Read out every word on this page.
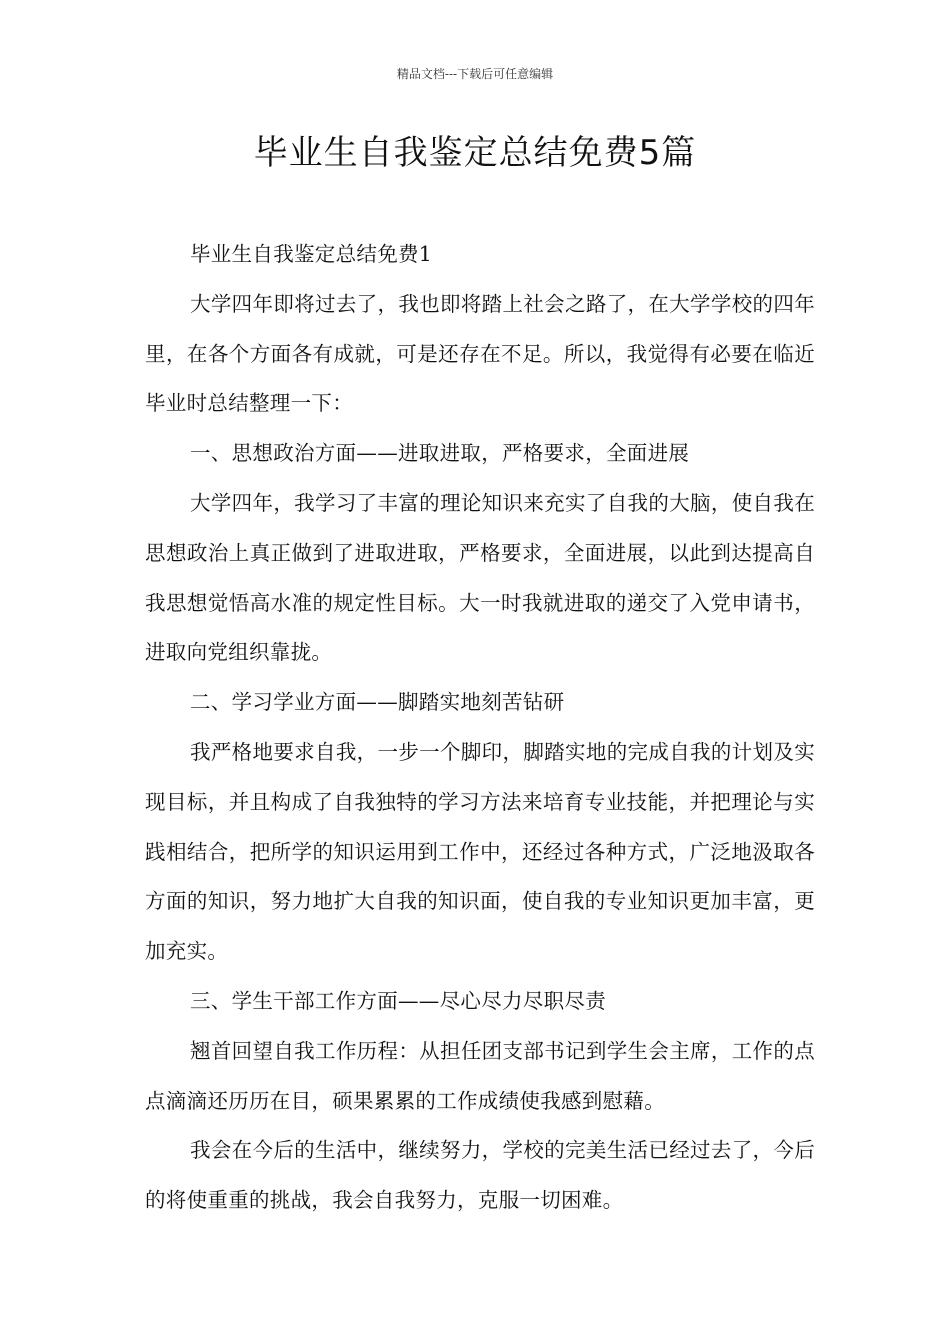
精品文档---下载后可任意编辑
毕业生自我鉴定总结免费5篇

毕业生自我鉴定总结免费1

大学四年即将过去了，我也即将踏上社会之路了，在大学学校的四年里，在各个方面各有成就，可是还存在不足。所以，我觉得有必要在临近毕业时总结整理一下：

一、思想政治方面——进取进取，严格要求，全面进展

大学四年，我学习了丰富的理论知识来充实了自我的大脑，使自我在思想政治上真正做到了进取进取，严格要求，全面进展，以此到达提高自我思想觉悟高水准的规定性目标。大一时我就进取的递交了入党申请书，进取向党组织靠拢。

二、学习学业方面——脚踏实地刻苦钻研

我严格地要求自我，一步一个脚印，脚踏实地的完成自我的计划及实现目标，并且构成了自我独特的学习方法来培育专业技能，并把理论与实践相结合，把所学的知识运用到工作中，还经过各种方式，广泛地汲取各方面的知识，努力地扩大自我的知识面，使自我的专业知识更加丰富，更加充实。

三、学生干部工作方面——尽心尽力尽职尽责

翘首回望自我工作历程：从担任团支部书记到学生会主席，工作的点点滴滴还历历在目，硕果累累的工作成绩使我感到慰藉。

我会在今后的生活中，继续努力，学校的完美生活已经过去了，今后的将使重重的挑战，我会自我努力，克服一切困难。
